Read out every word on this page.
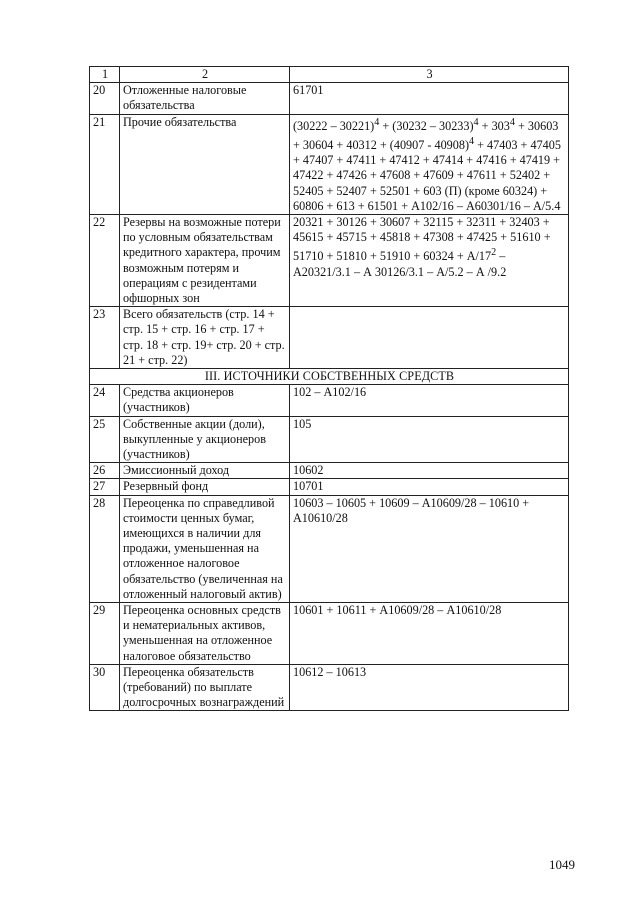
1	2	3
20	Отложенные налоговые обязательства	61701
21	Прочие обязательства	$(30222 - 30221)^4 + (30232 - 30233)^4 + 303^4 + 30603 + 30604 + 40312 + (40907 - 40908)^4 + 47403 + 47405 + 47407 + 47411 + 47412 + 47414 + 47416 + 47419 + 47422 + 47426 + 47608 + 47609 + 47611 + 52402 + 52405 + 52407 + 52501 + 603$ (П) (кроме 60324) + 60806 + 613 + 61501 + А102/16 – А60301/16 – А/5.4
22	Резервы на возможные потери по условным обязательствам кредитного характера, прочим возможным потерям и операциям с резидентами офшорных зон	$20321 + 30126 + 30607 + 32115 + 32311 + 32403 + 45615 + 45715 + 45818 + 47308 + 47425 + 51610 + 51710 + 51810 + 51910 + 60324 + А/17^2 - А20321/3.1 - А$ 30126/3.1 – А/5.2 – А /9.2
23	Всего обязательств (стр. 14 + стр. 15 + стр. 16 + стр. 17 + стр. 18 + стр. 19+ стр. 20 + стр. 21 + стр. 22)	
III. ИСТОЧНИКИ СОБСТВЕННЫХ СРЕДСТВ		
24	Средства акционеров (участников)	102 – А102/16
25	Собственные акции (доли), выкупленные у акционеров (участников)	105
26	Эмиссионный доход	10602
27	Резервный фонд	10701
28	Переоценка по справедливой стоимости ценных бумаг, имеющихся в наличии для продажи, уменьшенная на отложенное налоговое обязательство (увеличенная на отложенный налоговый актив)	10603 – 10605 + 10609 – А10609/28 – 10610 + А10610/28
29	Переоценка основных средств и нематериальных активов, уменьшенная на отложенное налоговое обязательство	10601 + 10611 + А10609/28 – А10610/28
30	Переоценка обязательств (требований) по выплате долгосрочных вознаграждений	10612 – 10613
1049
